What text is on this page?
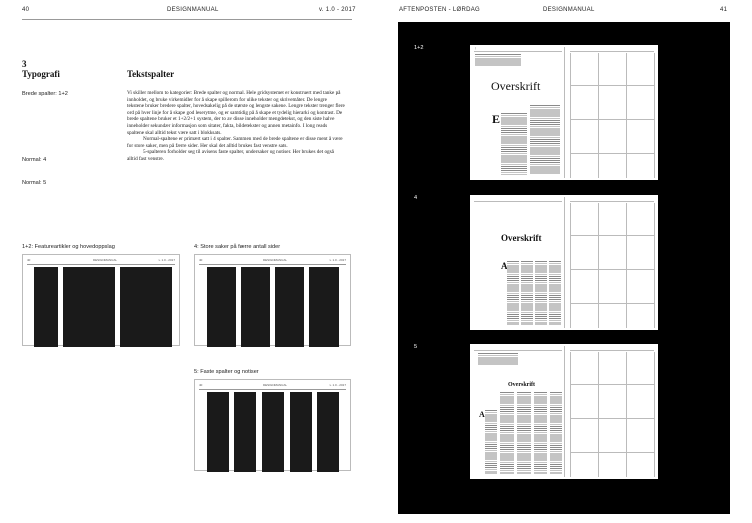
40	DESIGNMANUAL	v. 1.0 - 2017
3
Typografi	Tekstspalter
Brede spalter: 1+2
Normal: 4
Normal: 5

Vi skiller mellom to kategorier: Brede spalter og normal. Hele gridsystemet er konstruert med tanke på innholdet, og bruke virkemidler for å skape spillerom for ulike tekster og skrivemåter. De lengre tekstene bruker bredere spalter, hovedsakelig på de største og lengste sakene. Lengre tekster trenger flere ord på hver linje for å skape god leserytme, og er samtidig på å skape et tydelig hierarki og kontrast. De brede spaltene bruker et 1+2/2+1 system, der to av disse inneholder mengdetekst, og den siste halve inneholder sekundær informasjon som sitater, fakta, bildetekster og annen metainfo. I long reads spaltene skal alltid tekst være satt i blokksats.

Normal-spaltene er primært satt i 4 spalter. Sammen med de brede spaltene er disse ment å være for store saker, men på færre sider. Her skal det alltid brukes fast venstre sats.

5-spalteren forholder seg til avisens faste spalter, undersaker og notiser. Her brukes det også alltid fast venstre.

1+2: Featureartikler og hovedoppslag
40	DESIGNMANUAL	v. 1.0 - 2017
4: Store saker på færre antall sider
40	DESIGNMANUAL	v. 1.0 - 2017
5: Faste spalter og notiser
40	DESIGNMANUAL	v. 1.0 - 2017
AFTENPOSTEN - LØRDAG	DESIGNMANUAL	41
1+2
4
5
|
Overskrift
E
Overskrift
A
Overskrift
A
